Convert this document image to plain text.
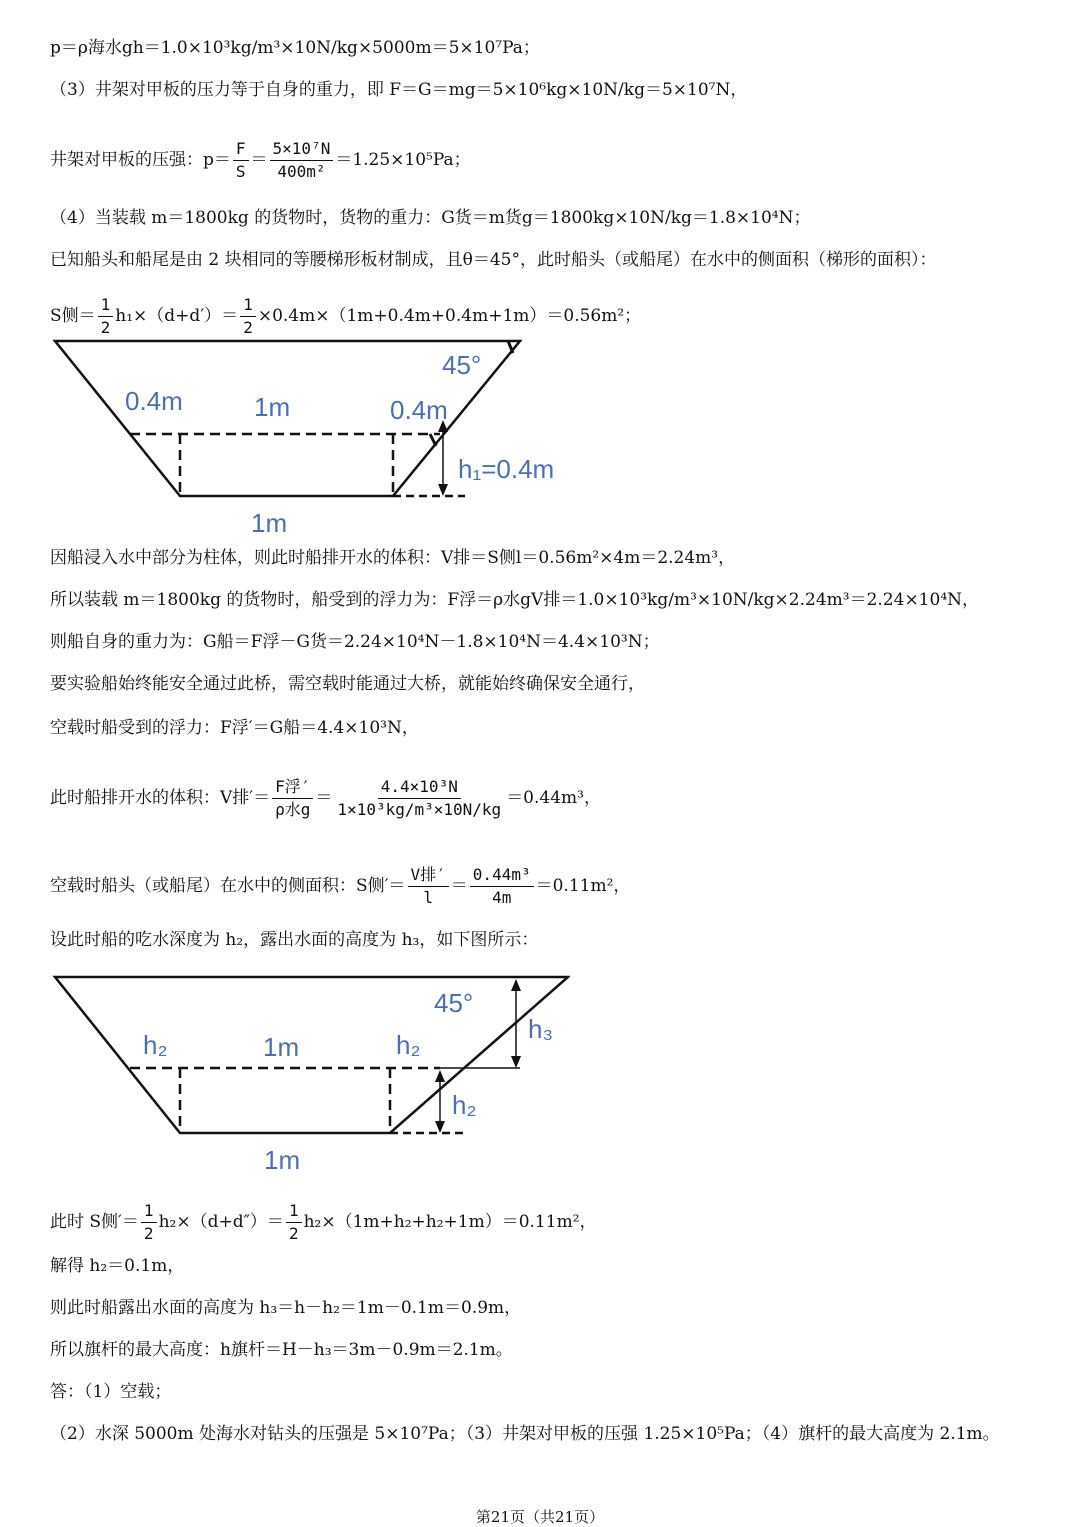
p＝ρ海水gh＝1.0×10³kg/m³×10N/kg×5000m＝5×10⁷Pa；
（3）井架对甲板的压力等于自身的重力，即 F＝G＝mg＝5×10⁶kg×10N/kg＝5×10⁷N，
井架对甲板的压强：$p= \frac{F}{S} = \frac{\text{5×10⁷N}}{\text{400m²}} =1.25\times 10^5Pa$；
（4）当装载 m＝1800kg 的货物时，货物的重力：G货＝m货g＝1800kg×10N/kg＝1.8×10⁴N；
已知船头和船尾是由 2 块相同的等腰梯形板材制成，且θ＝45°，此时船头（或船尾）在水中的侧面积（梯形的面积）：
S侧＝ $\frac{1}{2} h_1\times(d+d')= \frac{1}{2} \times 0.4m\times(1m+0.4m+0.4m+1m)=0.56m^2$；
45°
0.4m	1m	0.4m
h₁=0.4m
1m
因船浸入水中部分为柱体，则此时船排开水的体积：V排＝S侧l＝0.56m²×4m＝2.24m³，
所以装载 m＝1800kg 的货物时，船受到的浮力为：F浮＝ρ水gV排＝1.0×10³kg/m³×10N/kg×2.24m³＝2.24×10⁴N，
则船自身的重力为：G船＝F浮－G货＝2.24×10⁴N－1.8×10⁴N＝4.4×10³N；
要实验船始终能安全通过此桥，需空载时能通过大桥，就能始终确保安全通行，
空载时船受到的浮力：F浮′＝G船＝4.4×10³N，
此时船排开水的体积：V排′＝ $\frac{\text{F浮′}}{\text{ρ水g}} = \frac{\text{4.4×10³N}}{\text{1×10³kg/m³×10N/kg}} =0.44m^3$，
空载时船头（或船尾）在水中的侧面积：S侧′＝ $\frac{\text{V排′}}{l} = \frac{\text{0.44m³}}{4m} =0.11m^2$，
设此时船的吃水深度为 h₂，露出水面的高度为 h₃，如下图所示：
45°
h₃
h₂	1m	h₂
h₂
1m
此时 S侧′＝ $\frac{1}{2} h_2\times(d+d'')= \frac{1}{2} h_2\times(1m+h_2+h_2+1m)=0.11m^2$，
解得 h₂＝0.1m，
则此时船露出水面的高度为 h₃＝h－h₂＝1m－0.1m＝0.9m，
所以旗杆的最大高度：h旗杆＝H－h₃＝3m－0.9m＝2.1m。
答：（1）空载；
（2）水深 5000m 处海水对钻头的压强是 5×10⁷Pa；（3）井架对甲板的压强 1.25×10⁵Pa；（4）旗杆的最大高度为 2.1m。
第21页（共21页）
